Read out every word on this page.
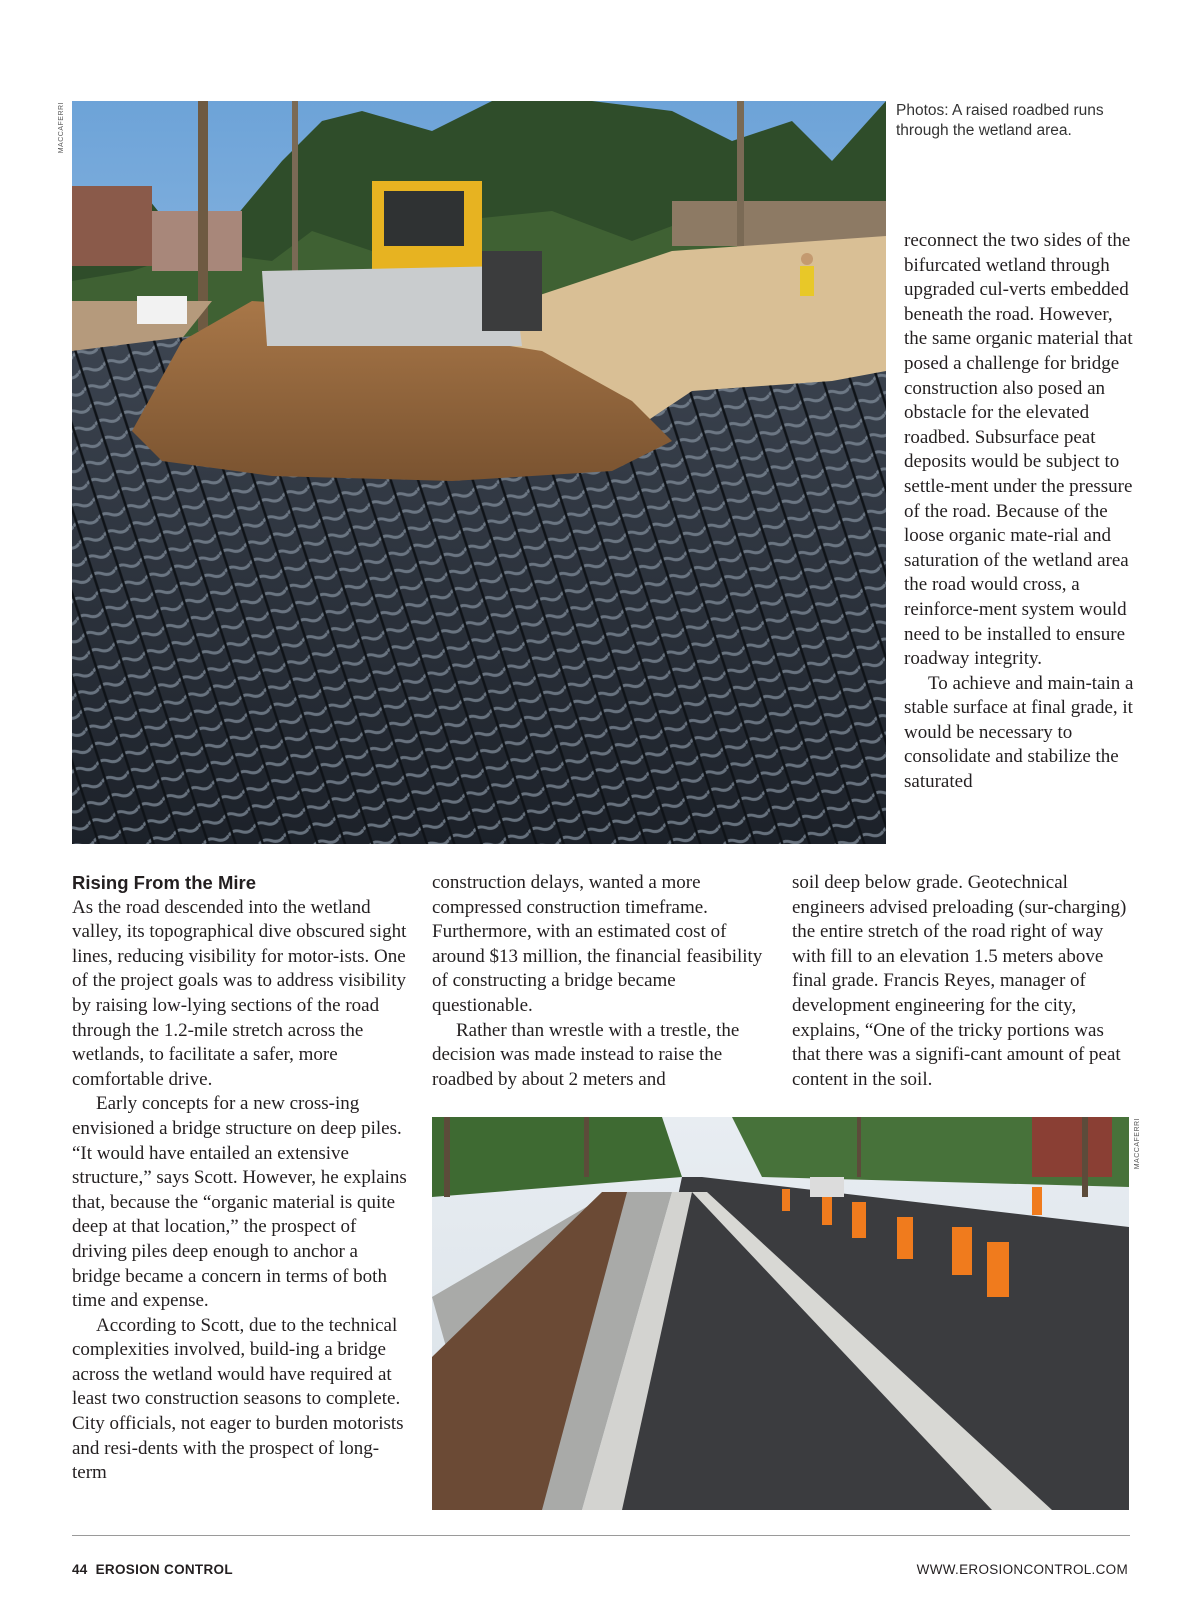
MACCAFERRI	Photos: A raised roadbed runs through the wetland area.

reconnect the two sides of the bifurcated wetland through upgraded cul-verts embedded beneath the road. However, the same organic material that posed a challenge for bridge construction also posed an obstacle for the elevated roadbed. Subsurface peat deposits would be subject to settle-ment under the pressure of the road. Because of the loose organic mate-rial and saturation of the wetland area the road would cross, a reinforce-ment system would need to be installed to ensure roadway integrity.

To achieve and main-tain a stable surface at final grade, it would be necessary to consolidate and stabilize the saturated

Rising From the Mire

As the road descended into the wetland valley, its topographical dive obscured sight lines, reducing visibility for motor-ists. One of the project goals was to address visibility by raising low-lying sections of the road through the 1.2-mile stretch across the wetlands, to facilitate a safer, more comfortable drive.

Early concepts for a new cross-ing envisioned a bridge structure on deep piles. “It would have entailed an extensive structure,” says Scott. However, he explains that, because the “organic material is quite deep at that location,” the prospect of driving piles deep enough to anchor a bridge became a concern in terms of both time and expense.

According to Scott, due to the technical complexities involved, build-ing a bridge across the wetland would have required at least two construction seasons to complete. City officials, not eager to burden motorists and resi-dents with the prospect of long-term

construction delays, wanted a more compressed construction timeframe. Furthermore, with an estimated cost of around $13 million, the financial feasibility of constructing a bridge became questionable.

Rather than wrestle with a trestle, the decision was made instead to raise the roadbed by about 2 meters and

soil deep below grade. Geotechnical engineers advised preloading (sur-charging) the entire stretch of the road right of way with fill to an elevation 1.5 meters above final grade. Francis Reyes, manager of development engineering for the city, explains, “One of the tricky portions was that there was a signifi-cant amount of peat content in the soil.

MACCAFERRI
44 EROSION CONTROL	WWW.EROSIONCONTROL.COM
